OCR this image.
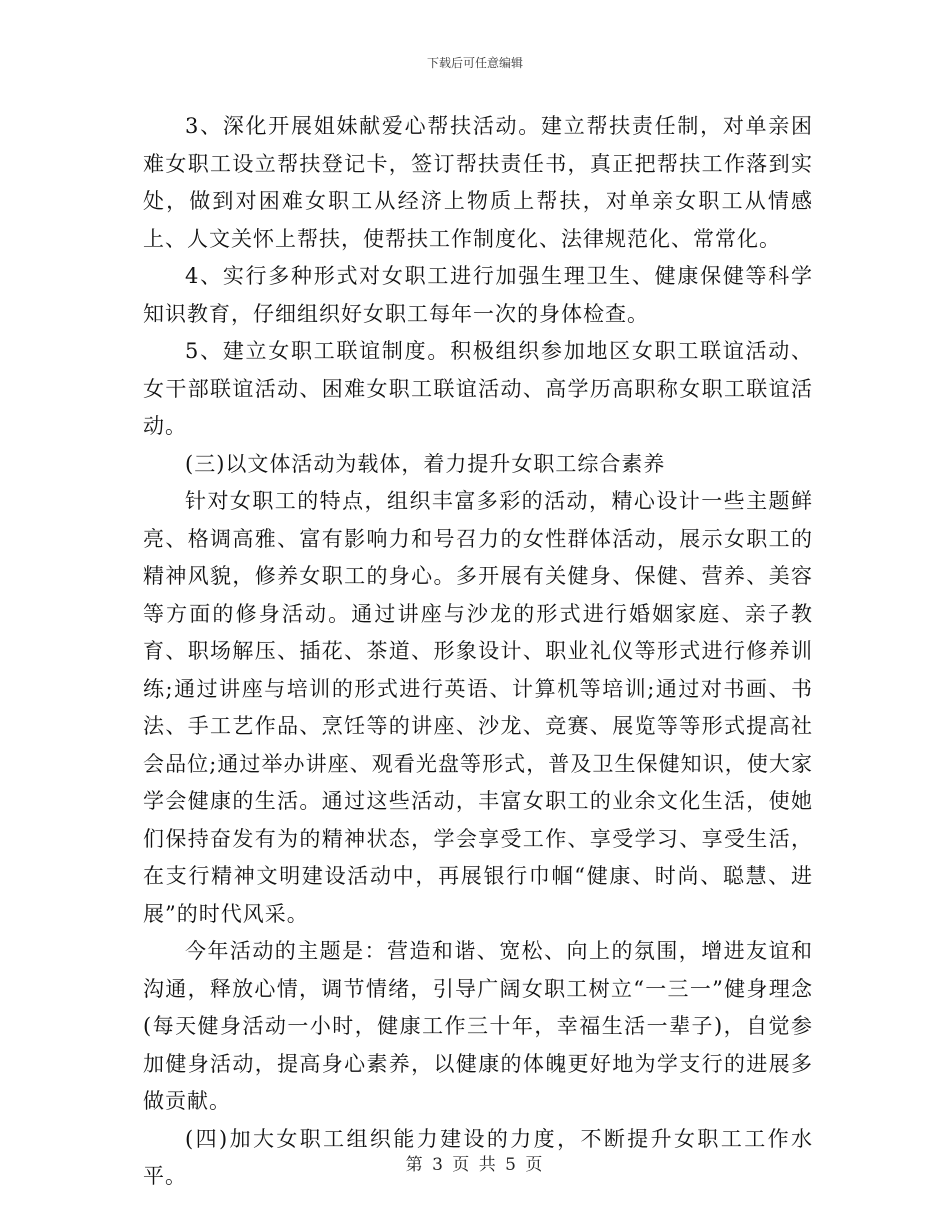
下载后可任意编辑

3、深化开展姐妹献爱心帮扶活动。建立帮扶责任制，对单亲困难女职工设立帮扶登记卡，签订帮扶责任书，真正把帮扶工作落到实处，做到对困难女职工从经济上物质上帮扶，对单亲女职工从情感上、人文关怀上帮扶，使帮扶工作制度化、法律规范化、常常化。

4、实行多种形式对女职工进行加强生理卫生、健康保健等科学知识教育，仔细组织好女职工每年一次的身体检查。

5、建立女职工联谊制度。积极组织参加地区女职工联谊活动、女干部联谊活动、困难女职工联谊活动、高学历高职称女职工联谊活动。

(三)以文体活动为载体，着力提升女职工综合素养

针对女职工的特点，组织丰富多彩的活动，精心设计一些主题鲜亮、格调高雅、富有影响力和号召力的女性群体活动，展示女职工的精神风貌，修养女职工的身心。多开展有关健身、保健、营养、美容等方面的修身活动。通过讲座与沙龙的形式进行婚姻家庭、亲子教育、职场解压、插花、茶道、形象设计、职业礼仪等形式进行修养训练;通过讲座与培训的形式进行英语、计算机等培训;通过对书画、书法、手工艺作品、烹饪等的讲座、沙龙、竞赛、展览等等形式提高社会品位;通过举办讲座、观看光盘等形式，普及卫生保健知识，使大家学会健康的生活。通过这些活动，丰富女职工的业余文化生活，使她们保持奋发有为的精神状态，学会享受工作、享受学习、享受生活，在支行精神文明建设活动中，再展银行巾帼“健康、时尚、聪慧、进展”的时代风采。

今年活动的主题是：营造和谐、宽松、向上的氛围，增进友谊和沟通，释放心情，调节情绪，引导广阔女职工树立“一三一”健身理念(每天健身活动一小时，健康工作三十年，幸福生活一辈子)，自觉参加健身活动，提高身心素养，以健康的体魄更好地为学支行的进展多做贡献。

(四)加大女职工组织能力建设的力度，不断提升女职工工作水平。	第 3 页 共 5 页
